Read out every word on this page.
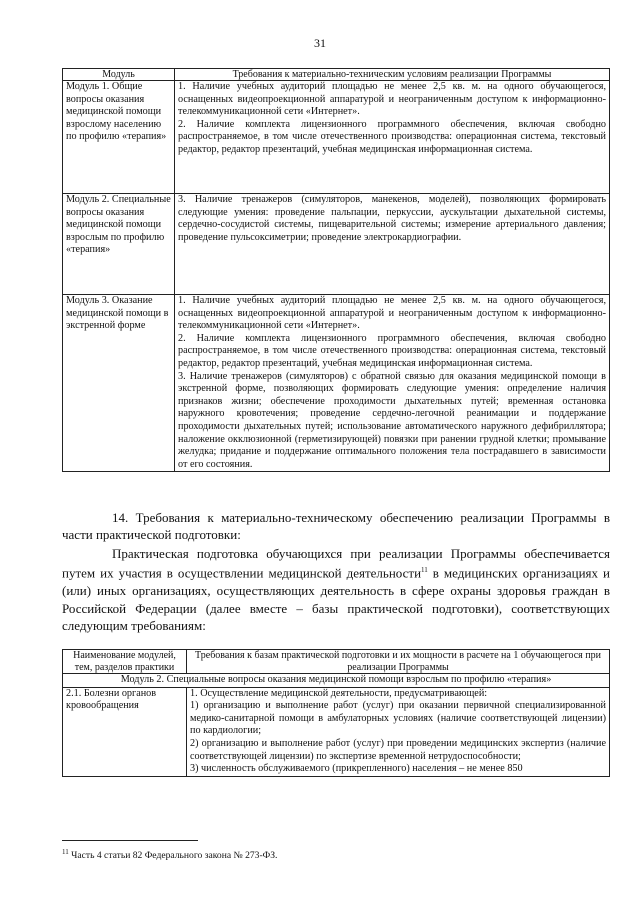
31
Модуль	Требования к материально-техническим условиям реализации Программы
Модуль 1. Общие вопросы оказания медицинской помощи взрослому населению по профилю «терапия»	1. Наличие учебных аудиторий площадью не менее 2,5 кв. м. на одного обучающегося, оснащенных видеопроекционной аппаратурой и неограниченным доступом к информационно-телекоммуникационной сети «Интернет».

2. Наличие комплекта лицензионного программного обеспечения, включая свободно распространяемое, в том числе отечественного производства: операционная система, текстовый редактор, редактор презентаций, учебная медицинская информационная система.

Модуль 2. Специальные вопросы оказания медицинской помощи взрослым по профилю «терапия»	3. Наличие тренажеров (симуляторов, манекенов, моделей), позволяющих формировать следующие умения: проведение пальпации, перкуссии, аускультации дыхательной системы, сердечно-сосудистой системы, пищеварительной системы; измерение артериального давления; проведение пульсоксиметрии; проведение электрокардиографии.

Модуль 3. Оказание медицинской помощи в экстренной форме	1. Наличие учебных аудиторий площадью не менее 2,5 кв. м. на одного обучающегося, оснащенных видеопроекционной аппаратурой и неограниченным доступом к информационно-телекоммуникационной сети «Интернет».

2. Наличие комплекта лицензионного программного обеспечения, включая свободно распространяемое, в том числе отечественного производства: операционная система, текстовый редактор, редактор презентаций, учебная медицинская информационная система.

3. Наличие тренажеров (симуляторов) с обратной связью для оказания медицинской помощи в экстренной форме, позволяющих формировать следующие умения: определение наличия признаков жизни; обеспечение проходимости дыхательных путей; временная остановка наружного кровотечения; проведение сердечно-легочной реанимации и поддержание проходимости дыхательных путей; использование автоматического наружного дефибриллятора; наложение окклюзионной (герметизирующей) повязки при ранении грудной клетки; промывание желудка; придание и поддержание оптимального положения тела пострадавшего в зависимости от его состояния.

14. Требования к материально-техническому обеспечению реализации Программы в части практической подготовки:

Практическая подготовка обучающихся при реализации Программы обеспечивается путем их участия в осуществлении медицинской деятельности$^{11}$ в медицинских организациях и (или) иных организациях, осуществляющих деятельность в сфере охраны здоровья граждан в Российской Федерации (далее вместе – базы практической подготовки), соответствующих следующим требованиям:

Наименование модулей, тем, разделов практики	Требования к базам практической подготовки и их мощности в расчете на 1 обучающегося при реализации Программы
Модуль 2. Специальные вопросы оказания медицинской помощи взрослым по профилю «терапия»	
2.1. Болезни органов кровообращения	1. Осуществление медицинской деятельности, предусматривающей:

1) организацию и выполнение работ (услуг) при оказании первичной специализированной медико-санитарной помощи в амбулаторных условиях (наличие соответствующей лицензии) по кардиологии;

2) организацию и выполнение работ (услуг) при проведении медицинских экспертиз (наличие соответствующей лицензии) по экспертизе временной нетрудоспособности;

3) численность обслуживаемого (прикрепленного) населения – не менее 850

$^{11}$ Часть 4 статьи 82 Федерального закона № 273-ФЗ.
